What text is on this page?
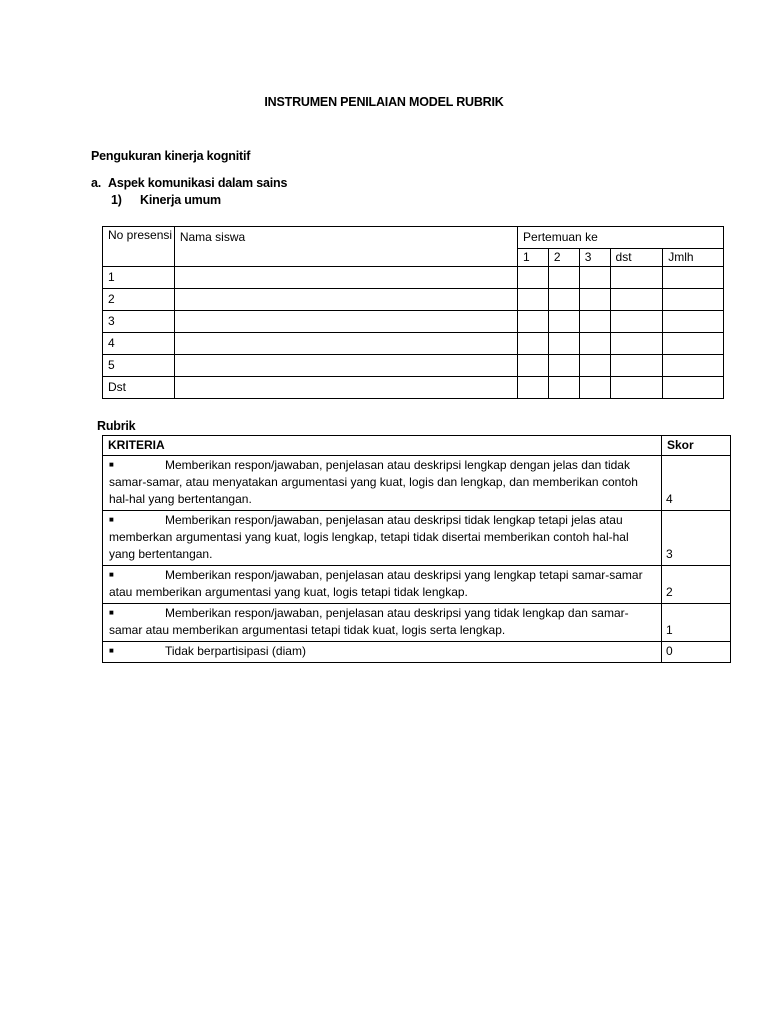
INSTRUMEN PENILAIAN MODEL RUBRIK
Pengukuran kinerja kognitif
a. Aspek komunikasi dalam sains
1) Kinerja umum
No presensi	Nama siswa	Pertemuan ke				
		1	2	3	dst	Jmlh
1						
2						
3						
4						
5						
Dst						
Rubrik
KRITERIA	Skor
■ Memberikan respon/jawaban, penjelasan atau deskripsi lengkap dengan jelas dan tidak samar-samar, atau menyatakan argumentasi yang kuat, logis dan lengkap, dan memberikan contoh hal-hal yang bertentangan.	4
■ Memberikan respon/jawaban, penjelasan atau deskripsi tidak lengkap tetapi jelas atau memberkan argumentasi yang kuat, logis lengkap, tetapi tidak disertai memberikan contoh hal-hal yang bertentangan.	3
■ Memberikan respon/jawaban, penjelasan atau deskripsi yang lengkap tetapi samar-samar atau memberikan argumentasi yang kuat, logis tetapi tidak lengkap.	2
■ Memberikan respon/jawaban, penjelasan atau deskripsi yang tidak lengkap dan samar-samar atau memberikan argumentasi tetapi tidak kuat, logis serta lengkap.	1
■ Tidak berpartisipasi (diam)	0
